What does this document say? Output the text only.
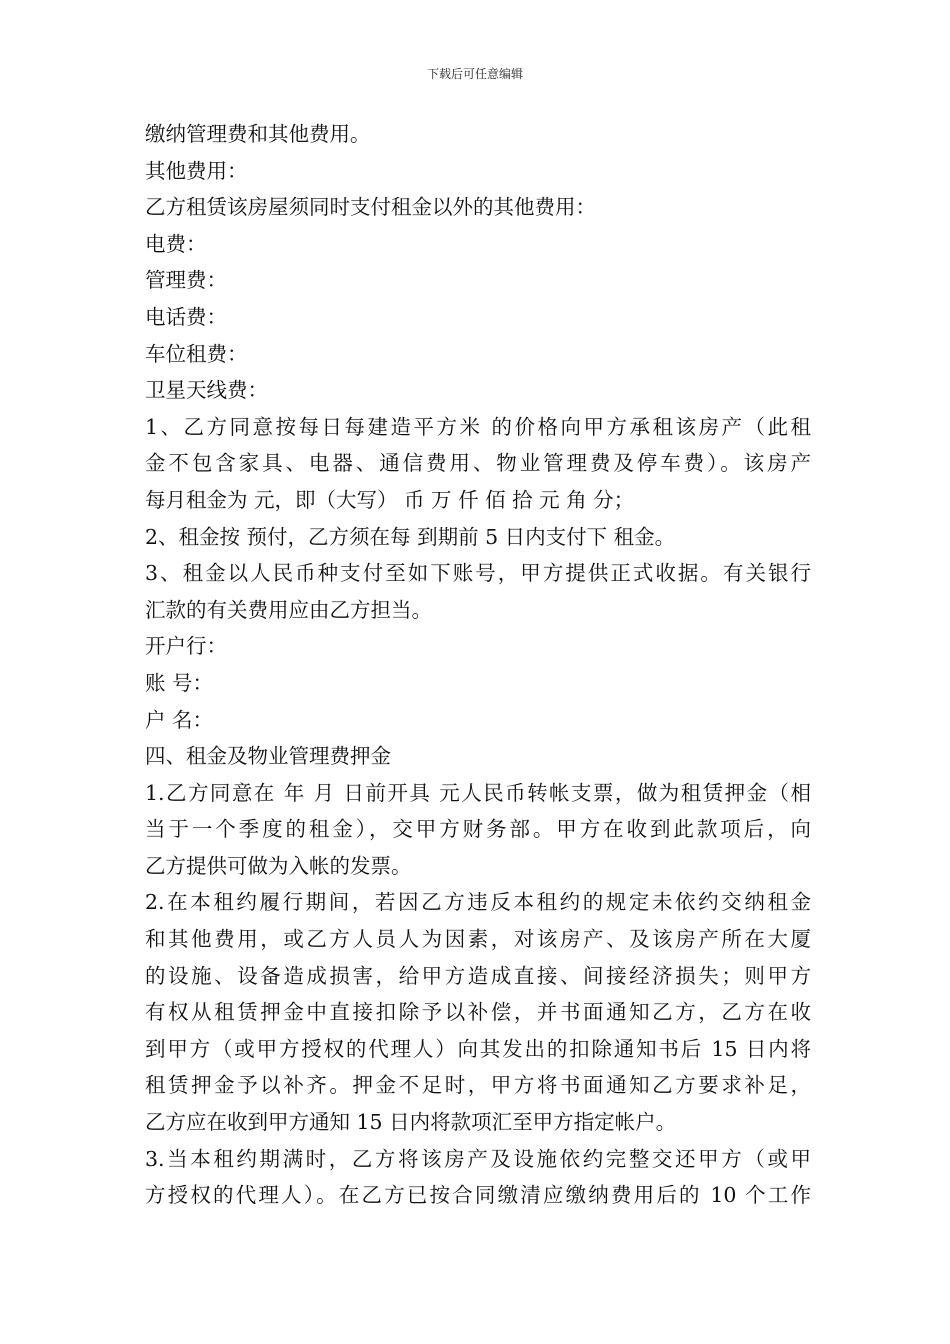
下载后可任意编辑
缴纳管理费和其他费用。
其他费用：
乙方租赁该房屋须同时支付租金以外的其他费用：
电费：
管理费：
电话费：
车位租费：
卫星天线费：
1、乙方同意按每日每建造平方米 的价格向甲方承租该房产（此租
金不包含家具、电器、通信费用、物业管理费及停车费）。该房产
每月租金为 元，即（大写） 币 万 仟 佰 拾 元 角 分；
2、租金按 预付，乙方须在每 到期前 5 日内支付下 租金。
3、租金以人民币种支付至如下账号，甲方提供正式收据。有关银行
汇款的有关费用应由乙方担当。
开户行：
账 号：
户 名：
四、租金及物业管理费押金
1.乙方同意在 年 月 日前开具 元人民币转帐支票，做为租赁押金（相
当于一个季度的租金），交甲方财务部。甲方在收到此款项后，向
乙方提供可做为入帐的发票。
2.在本租约履行期间，若因乙方违反本租约的规定未依约交纳租金
和其他费用，或乙方人员人为因素，对该房产、及该房产所在大厦
的设施、设备造成损害，给甲方造成直接、间接经济损失；则甲方
有权从租赁押金中直接扣除予以补偿，并书面通知乙方，乙方在收
到甲方（或甲方授权的代理人）向其发出的扣除通知书后 15 日内将
租赁押金予以补齐。押金不足时，甲方将书面通知乙方要求补足，
乙方应在收到甲方通知 15 日内将款项汇至甲方指定帐户。
3.当本租约期满时，乙方将该房产及设施依约完整交还甲方（或甲
方授权的代理人）。在乙方已按合同缴清应缴纳费用后的 10 个工作
